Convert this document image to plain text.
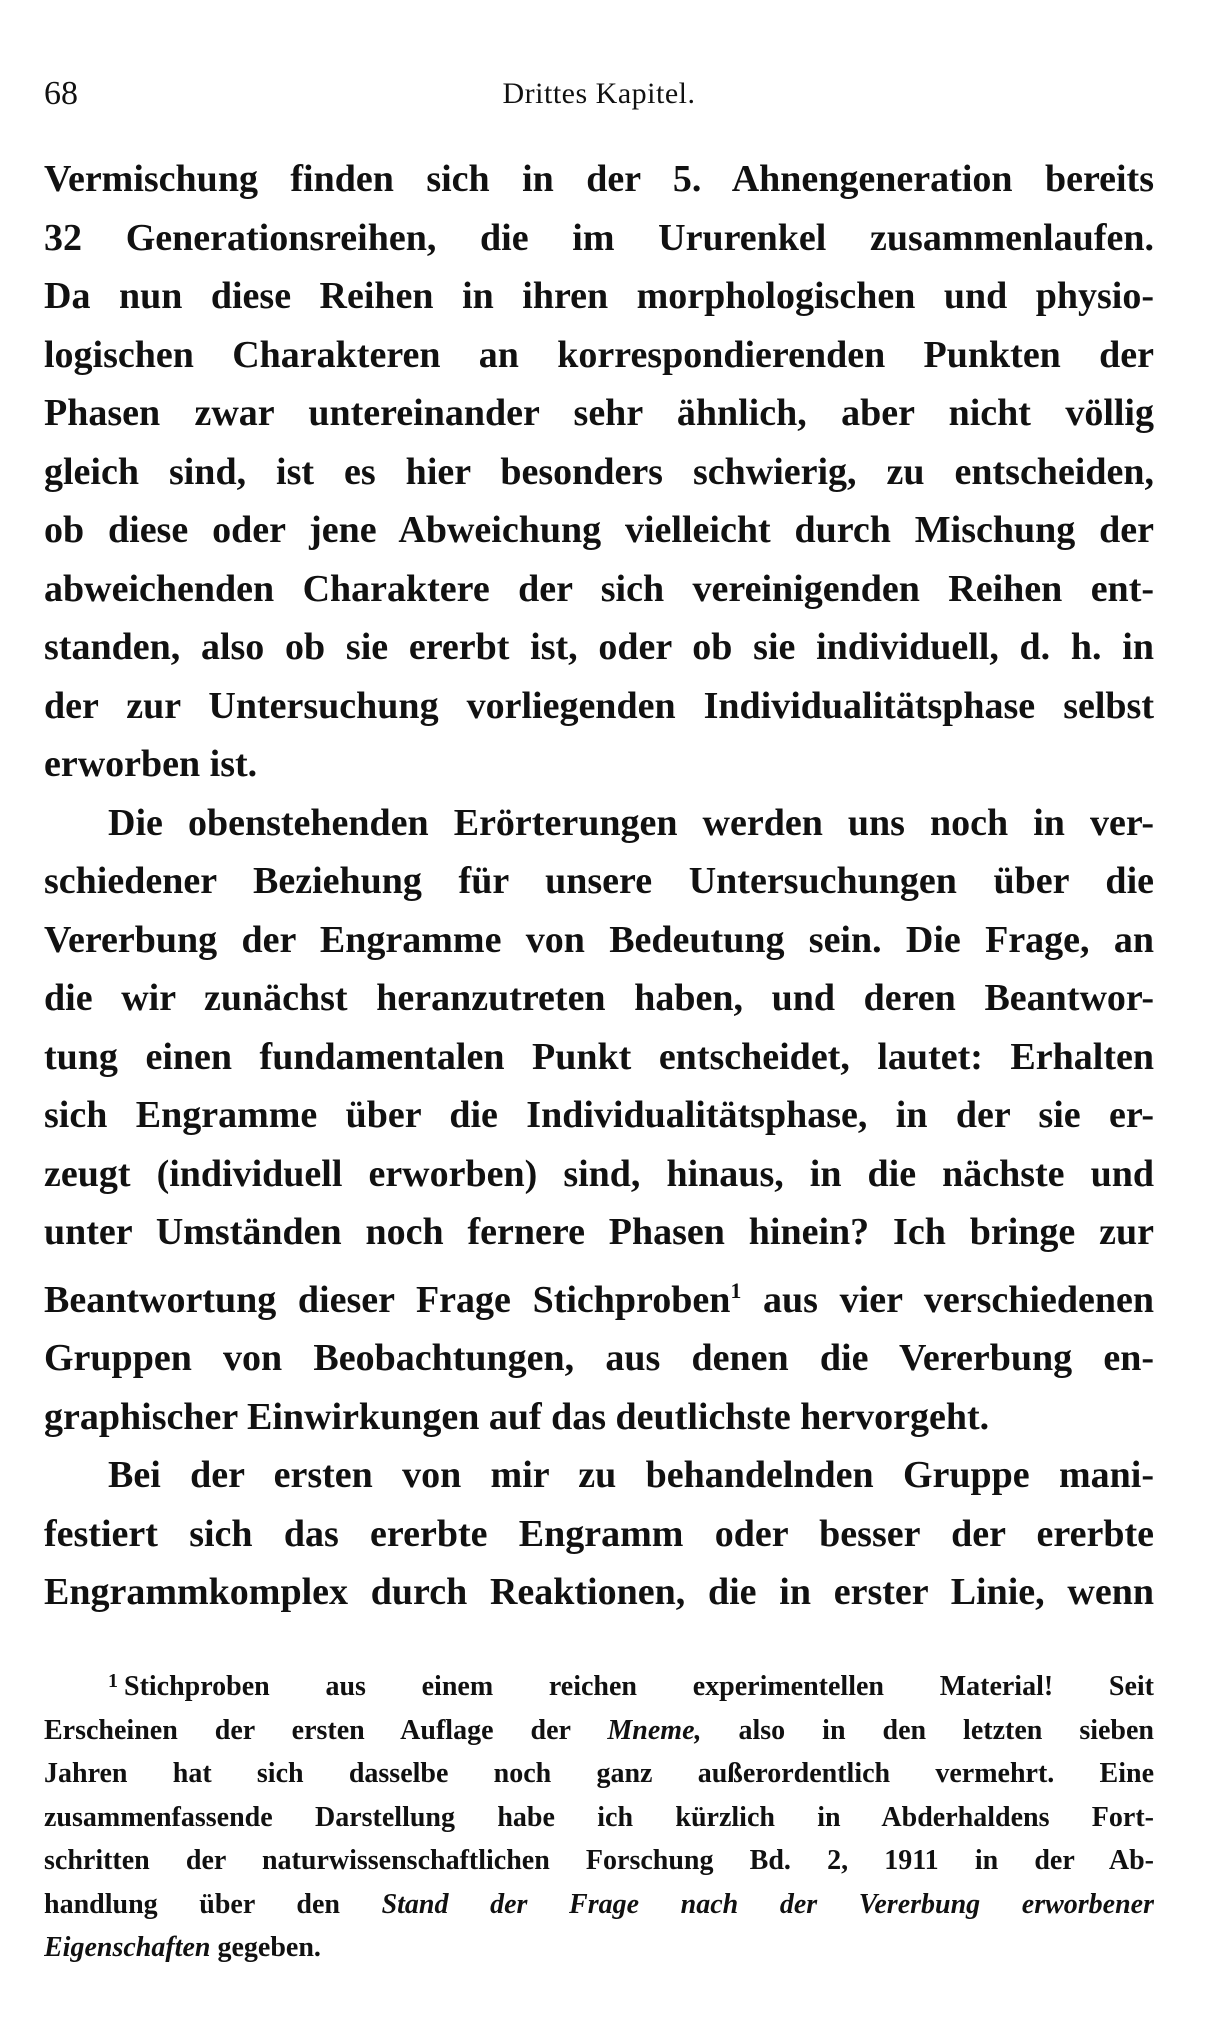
68	Drittes Kapitel.
Vermischung finden sich in der 5. Ahnengeneration bereits
32 Generationsreihen, die im Ururenkel zusammenlaufen.
Da nun diese Reihen in ihren morphologischen und physio-
logischen Charakteren an korrespondierenden Punkten der
Phasen zwar untereinander sehr ähnlich, aber nicht völlig
gleich sind, ist es hier besonders schwierig, zu entscheiden,
ob diese oder jene Abweichung vielleicht durch Mischung der
abweichenden Charaktere der sich vereinigenden Reihen ent-
standen, also ob sie ererbt ist, oder ob sie individuell, d. h. in
der zur Untersuchung vorliegenden Individualitätsphase selbst
erworben ist.
Die obenstehenden Erörterungen werden uns noch in ver-
schiedener Beziehung für unsere Untersuchungen über die
Vererbung der Engramme von Bedeutung sein. Die Frage, an
die wir zunächst heranzutreten haben, und deren Beantwor-
tung einen fundamentalen Punkt entscheidet, lautet: Erhalten
sich Engramme über die Individualitätsphase, in der sie er-
zeugt (individuell erworben) sind, hinaus, in die nächste und
unter Umständen noch fernere Phasen hinein? Ich bringe zur
Beantwortung dieser Frage Stichproben$^1$ aus vier verschiedenen
Gruppen von Beobachtungen, aus denen die Vererbung en-
graphischer Einwirkungen auf das deutlichste hervorgeht.
Bei der ersten von mir zu behandelnden Gruppe mani-
festiert sich das ererbte Engramm oder besser der ererbte
Engrammkomplex durch Reaktionen, die in erster Linie, wenn
$^1$ Stichproben aus einem reichen experimentellen Material! Seit
Erscheinen der ersten Auflage der Mneme, also in den letzten sieben
Jahren hat sich dasselbe noch ganz außerordentlich vermehrt. Eine
zusammenfassende Darstellung habe ich kürzlich in Abderhaldens Fort-
schritten der naturwissenschaftlichen Forschung Bd. 2, 1911 in der Ab-
handlung über den Stand der Frage nach der Vererbung erworbener
Eigenschaften gegeben.
